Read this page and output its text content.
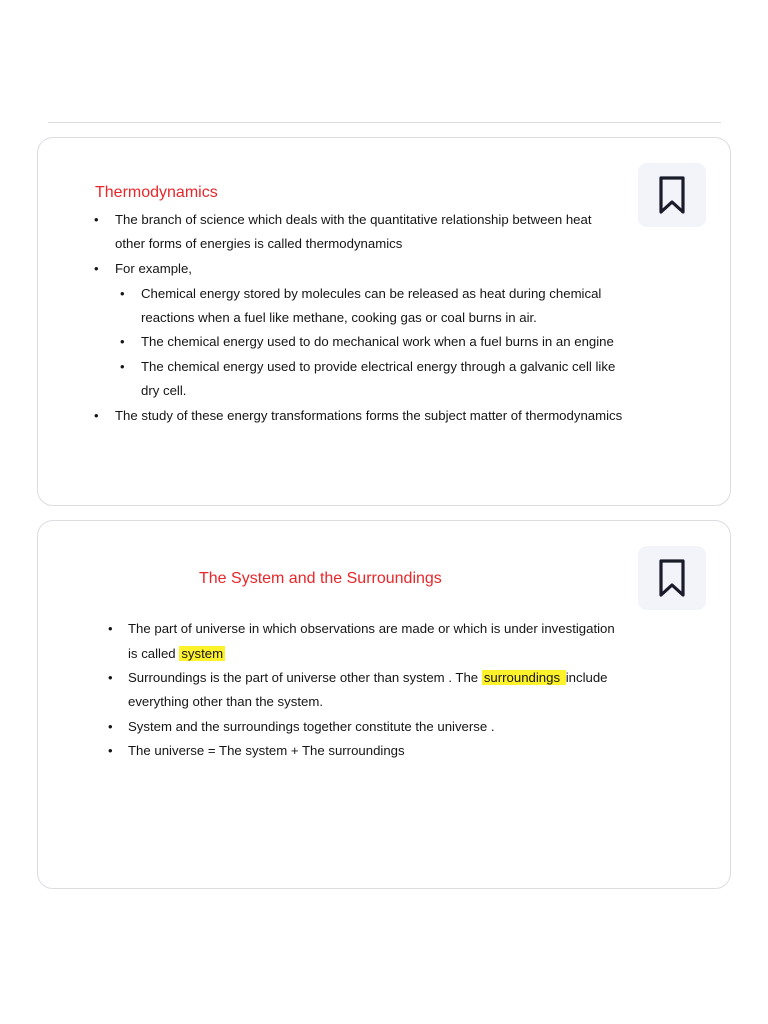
Thermodynamics
• The branch of science which deals with the quantitative relationship between heat
other forms of energies is called thermodynamics
• For example,
• Chemical energy stored by molecules can be released as heat during chemical
reactions when a fuel like methane, cooking gas or coal burns in air.
• The chemical energy used to do mechanical work when a fuel burns in an engine
• The chemical energy used to provide electrical energy through a galvanic cell like
dry cell.
• The study of these energy transformations forms the subject matter of thermodynamics
The System and the Surroundings
• The part of universe in which observations are made or which is under investigation
is called system
• Surroundings is the part of universe other than system . The surroundings include
everything other than the system.
• System and the surroundings together constitute the universe .
• The universe = The system + The surroundings
